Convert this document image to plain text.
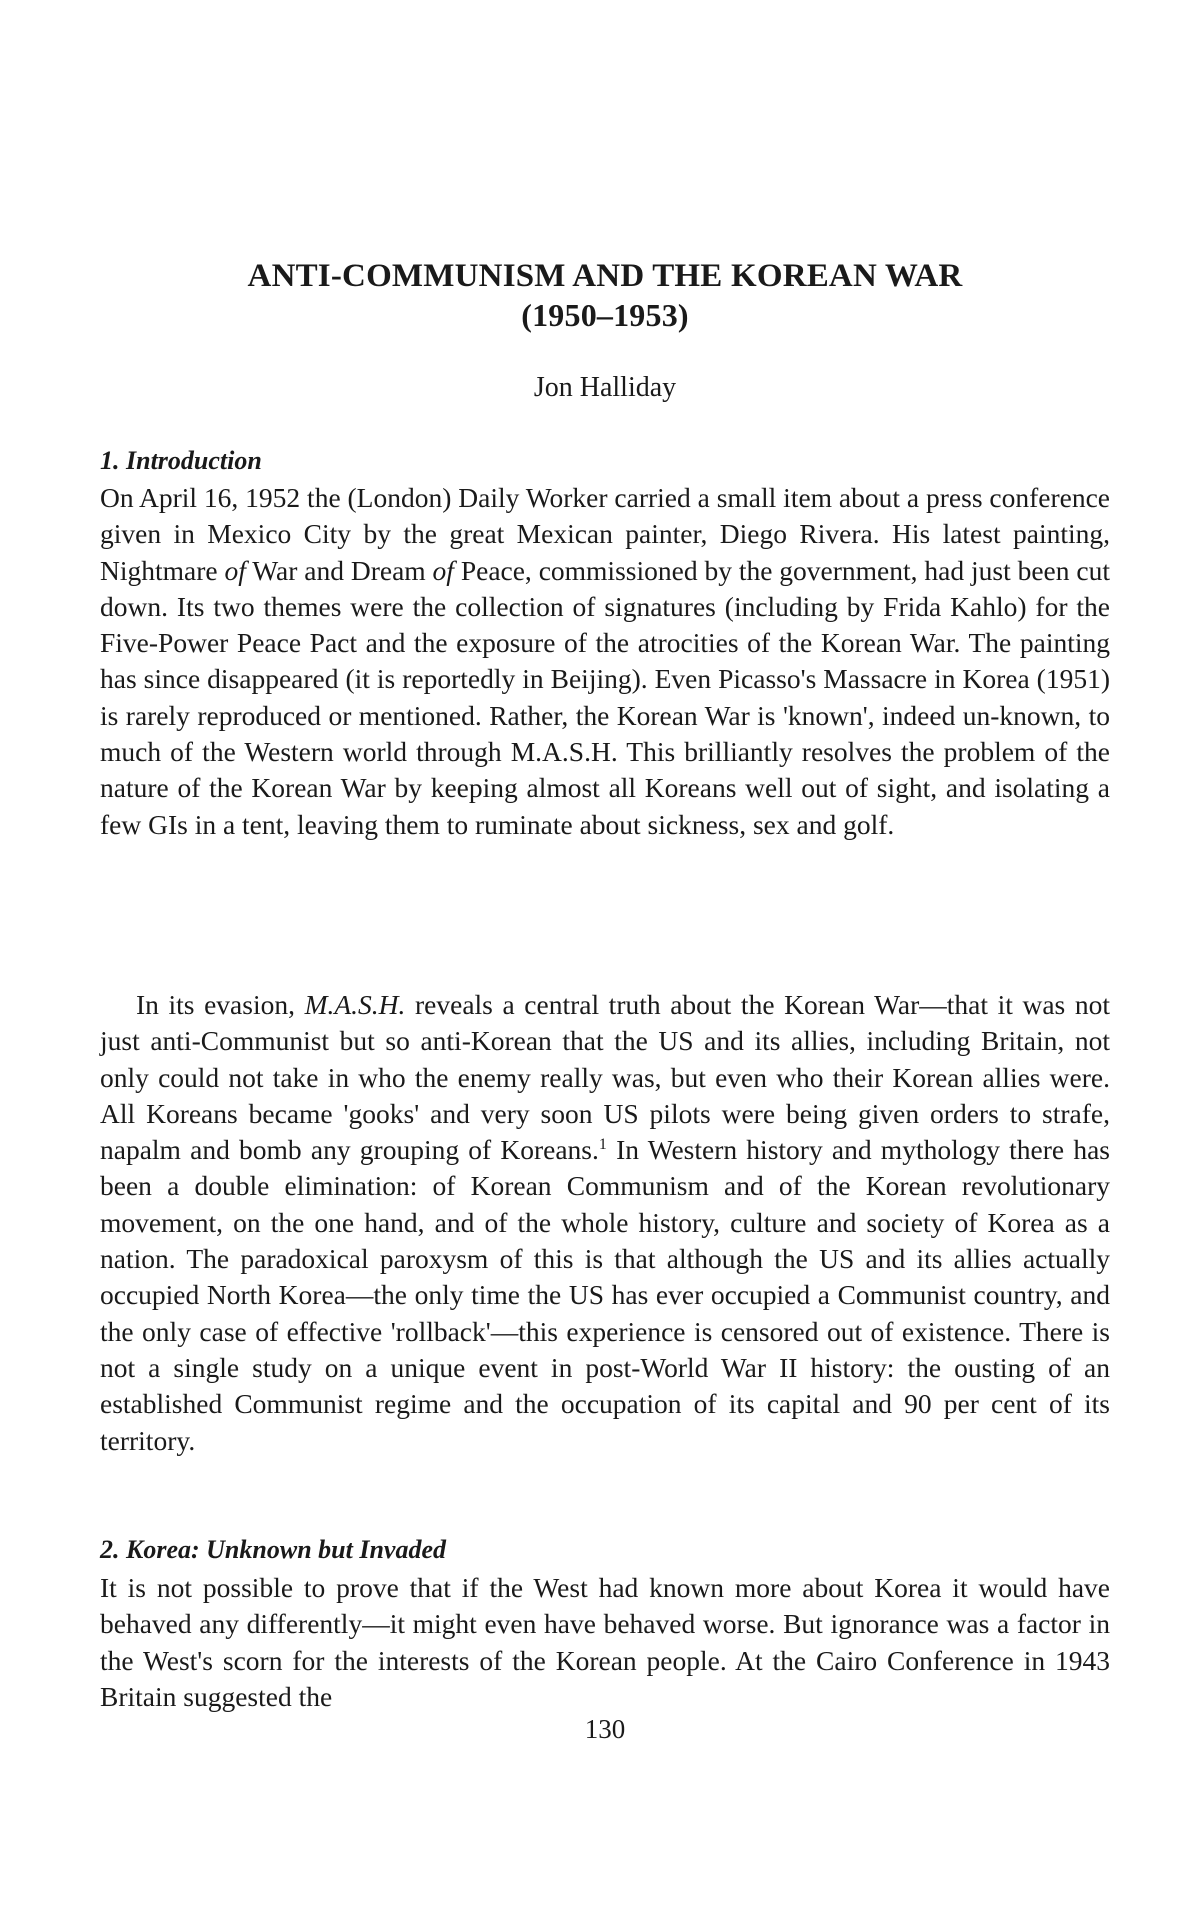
ANTI-COMMUNISM AND THE KOREAN WAR

(1950–1953)

Jon Halliday

1. Introduction

On April 16, 1952 the (London) Daily Worker carried a small item about a press conference given in Mexico City by the great Mexican painter, Diego Rivera. His latest painting, Nightmare of War and Dream of Peace, commissioned by the government, had just been cut down. Its two themes were the collection of signatures (including by Frida Kahlo) for the Five-Power Peace Pact and the exposure of the atrocities of the Korean War. The painting has since disappeared (it is reportedly in Beijing). Even Picasso's Massacre in Korea (1951) is rarely reproduced or mentioned. Rather, the Korean War is 'known', indeed un-known, to much of the Western world through M.A.S.H. This brilliantly resolves the problem of the nature of the Korean War by keeping almost all Koreans well out of sight, and isolating a few GIs in a tent, leaving them to ruminate about sickness, sex and golf.

In its evasion, M.A.S.H. reveals a central truth about the Korean War—that it was not just anti-Communist but so anti-Korean that the US and its allies, including Britain, not only could not take in who the enemy really was, but even who their Korean allies were. All Koreans became 'gooks' and very soon US pilots were being given orders to strafe, napalm and bomb any grouping of Koreans.$^1$ In Western history and mythology there has been a double elimination: of Korean Communism and of the Korean revolutionary movement, on the one hand, and of the whole history, culture and society of Korea as a nation. The paradoxical paroxysm of this is that although the US and its allies actually occupied North Korea—the only time the US has ever occupied a Communist country, and the only case of effective 'rollback'—this experience is censored out of existence. There is not a single study on a unique event in post-World War II history: the ousting of an established Communist regime and the occupation of its capital and 90 per cent of its territory.

2. Korea: Unknown but Invaded

It is not possible to prove that if the West had known more about Korea it would have behaved any differently—it might even have behaved worse. But ignorance was a factor in the West's scorn for the interests of the Korean people. At the Cairo Conference in 1943 Britain suggested the

130
